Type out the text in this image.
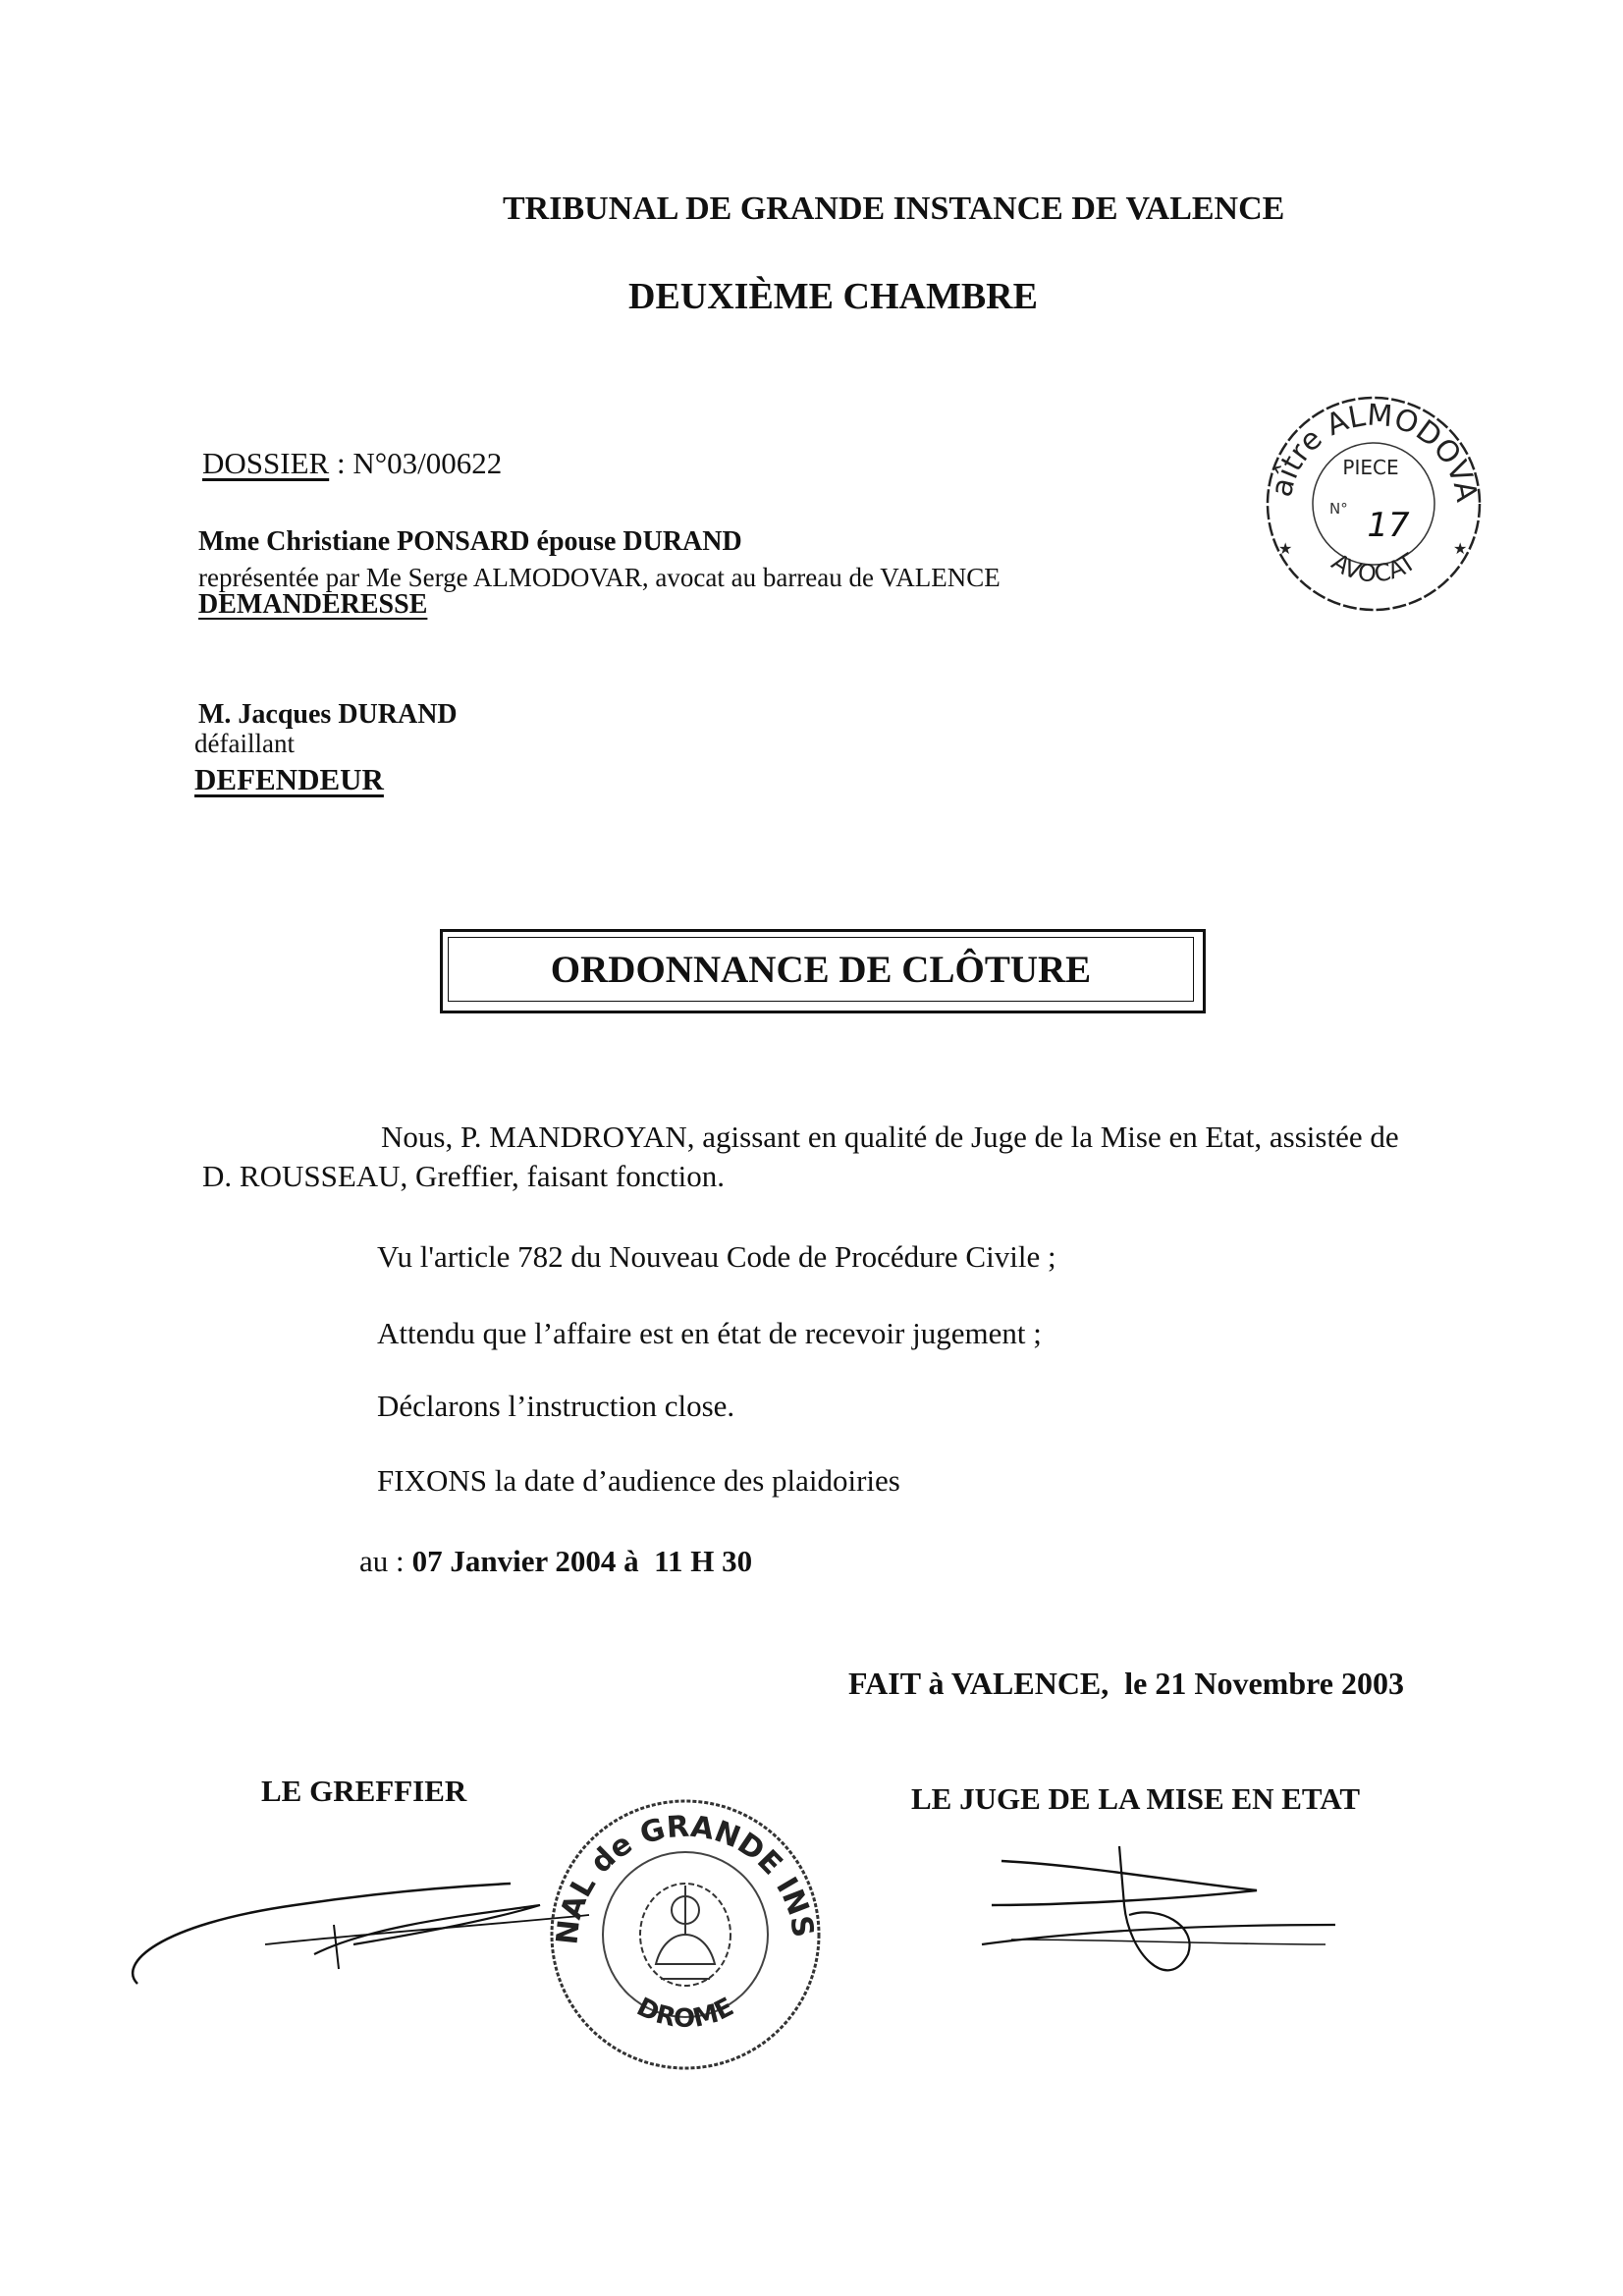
TRIBUNAL DE GRANDE INSTANCE DE VALENCE
DEUXIÈME CHAMBRE
DOSSIER : N°03/00622
Mme Christiane PONSARD épouse DURAND
représentée par Me Serge ALMODOVAR, avocat au barreau de VALENCE
DEMANDERESSE
M. Jacques DURAND
défaillant
DEFENDEUR
Maître ALMODOVAR
AVOCAT
PIECE
N° 17
★	★
ORDONNANCE DE CLÔTURE
Nous, P. MANDROYAN, agissant en qualité de Juge de la Mise en Etat, assistée de
D. ROUSSEAU, Greffier, faisant fonction.
Vu l'article 782 du Nouveau Code de Procédure Civile ;
Attendu que l’affaire est en état de recevoir jugement ;
Déclarons l’instruction close.
FIXONS la date d’audience des plaidoiries
au : 07 Janvier 2004 à  11 H 30
FAIT à VALENCE,  le 21 Novembre 2003
LE GREFFIER	LE JUGE DE LA MISE EN ETAT
TRIBUNAL de GRANDE INSTANCE
DROME
